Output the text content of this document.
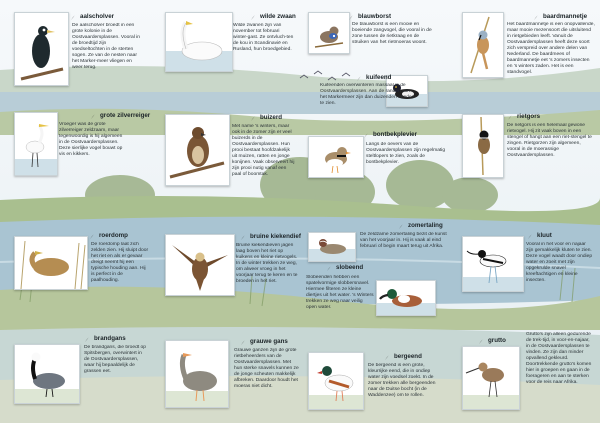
aalscholver
De aalscholver broedt in een grote kolonie in de Oostvaardersplassen. Vooral in de broedtijd zijn voedseltochten in de sterten sogen. Ze van de nesten naar het Marker-meer vliegen en weer terug.
wilde zwaan
Wilde zwanen zijn van november tot februari winter-gast. Ze ontvluch-ten de kou in Scandinavië en Rusland, hun broedgebied.
blauwborst
De blauwborst is een mooie en boeiende zangvogel, die vooral in de zone tussen de rietkraag en de struiken van het rietmoeras woont.
kuifeend
Kuifeenden overwinteren massaal in de Oostvaardersplassen. Aan de randen van het Markermeer zijn dan duizenden eenden te zien.
baardmannetje
Het baardmannetje is een onopvallende, maar mooie mezensoort die uitsluitend in rietgebieden leeft. Vanuit de Oostvaardersplassen heeft deze soort zich verspreid over andere delen van Nederland. De baardmees of baardmannetje eet 's zomers insecten en 's winters zaden. Het is een standvogel.
grote zilverreiger
Vroeger was de grote zilverreiger zeldzaam, maar tegenwoordig is hij algemeen in de Oostvaardersplassen. Deze sierlijke vogel bouwt op vis en kikkers.
buizerd
Met name 's winters, maar ook in de zomer zijn er veel buizerds in de Oostvaardersplassen. Hun prooi bestaat hoofdzakelijk uit muizen, ratten en jonge konijnen. Vaak observeert hij zijn prooi nutig vanaf een paal of boomtak.
bontbekplevier
Langs de oevers van de Oostvaardersplassen zijn regelmatig steltlopers te zien, zoals de bontbekplevier.
rietgors
De rietgors is een helemaal gewone rietvogel. Hij zit vaak boven in een stengel of hangt aan een riet-stengel te zingen. Rietgorzen zijn algemeen, vooral in de moerassige Oostvaardersplassen.
roerdomp
De roerdomp laat zich zelden zien. Hij sluipt door het riet en als er gevaar dreigt neemt hij een typische houding aan. Hij is perfect in de paalhouding.
bruine kiekendief
Bruine kiekendieven jagen laag boven het riet op kuikens en kleine rietvogels. In de winter trekken ze weg, om alweer vroeg in het voorjaar terug te keren en te broeden in het riet.
zomertaling
De zeldzame zomertaling bezit de kunst van het voorjaar in. Hij is vaak al eind februari of begin maart terug uit Afrika.
kluut
Vooral in het voor en najaar zijn gemakkelijk kluten te zien. Deze vogel waadt door ondiep water en zoeit met zijn opgekrulde snavel kreeftachtigen en kleine insecten.
slobeend
Slobeenden hebben een spatelvormige slobbersnavel. Hiermee filteren ze kleine diertjes uit het water. 's Winters trekken ze weg naar veilig open water.
brandgans
De brandgans, die broedt op Spitsbergen, overwintert in de Oostvaardersplassen, waar hij bepaaldelijk de grassen eet.
grauwe gans
Grauwe ganzen zijn de grote rietbeheerders van de Oostvaardersplassen. Met hun sterke snavels kunnen ze de jonge scheuten makkelijk afbreken. Daardoor houdt het moeras niet dicht.
bergeend
De bergeend is een grote, kleurrijke eend, die in ondiep water zijn voedsel zoekt. In de zomer trekken alle bergeenden naar de Duitse bocht (in de Waddenzee) om te rollen.
grutto
Grutto's zijn alleen gedurende de trek-tijd, in voor-en-najaar, in de Oostvaardersplassen te vinden. Ze zijn dan minder opvallend gekleurd. Doortrekkende grutto's komen hier in groepen en gaan in de foerageren en aan te sterken voor de reis naar Afrika.
